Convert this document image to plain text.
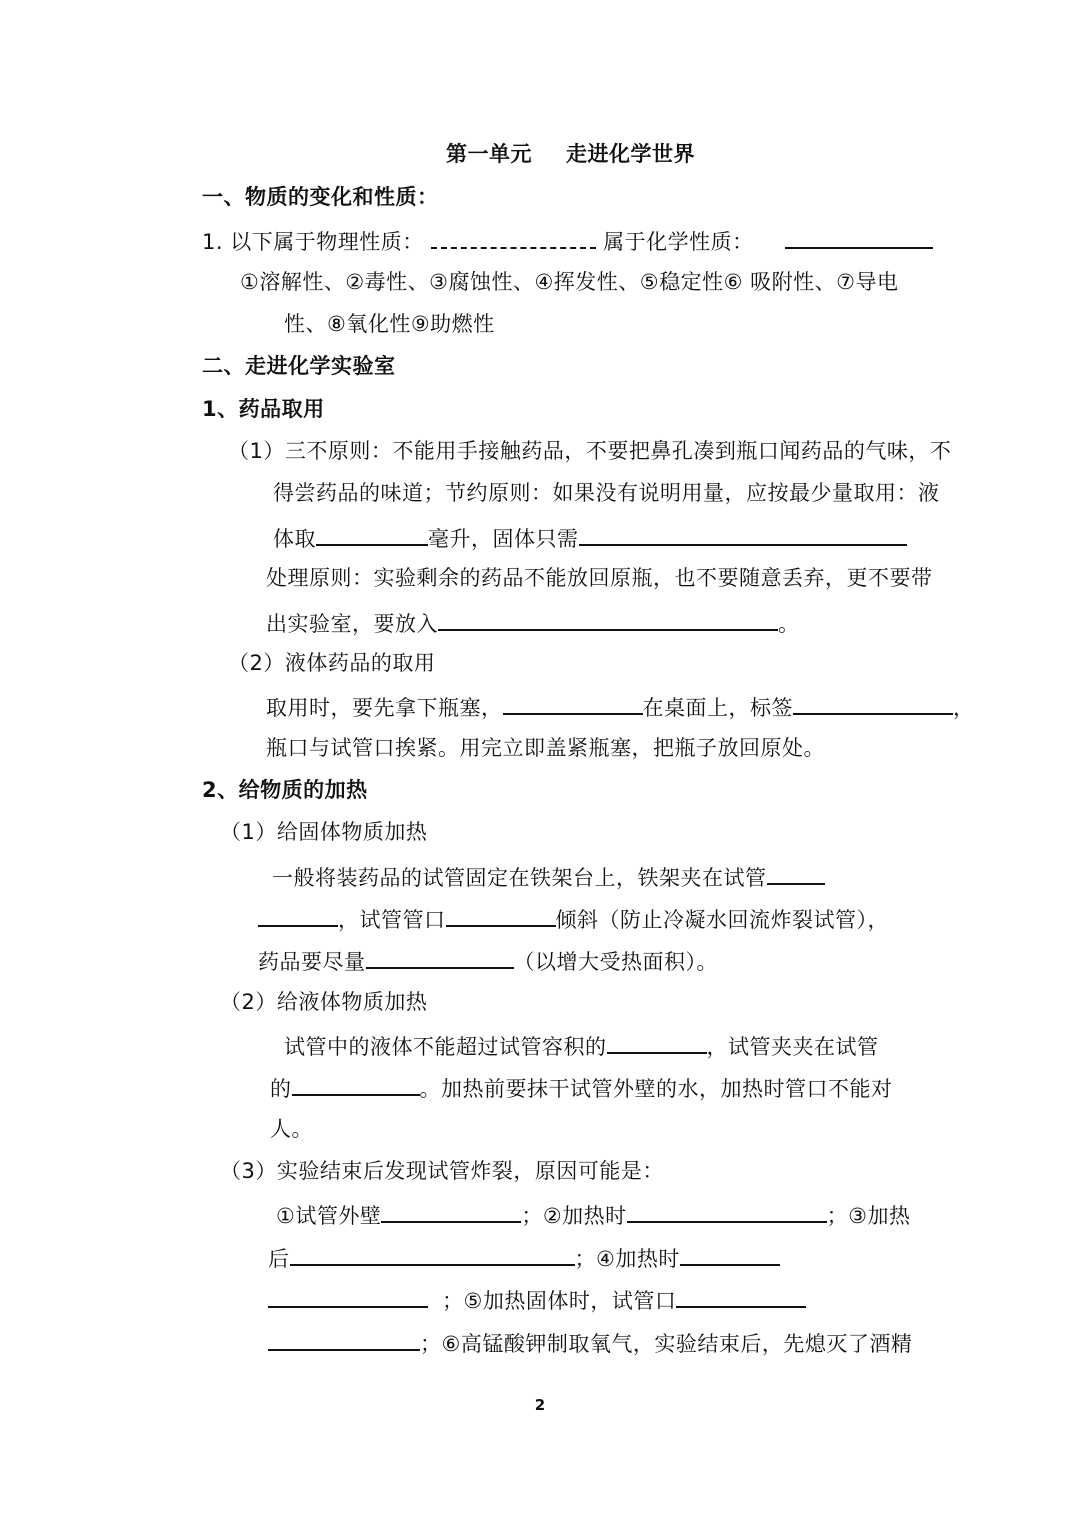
第一单元 走进化学世界
一、物质的变化和性质：
1. 以下属于物理性质：	属于化学性质：
①溶解性、②毒性、③腐蚀性、④挥发性、⑤稳定性⑥ 吸附性、⑦导电
性、⑧氧化性⑨助燃性
二、走进化学实验室
1、药品取用
（1）三不原则：不能用手接触药品，不要把鼻孔凑到瓶口闻药品的气味，不
得尝药品的味道；节约原则：如果没有说明用量，应按最少量取用：液
体取	毫升，固体只需
处理原则：实验剩余的药品不能放回原瓶，也不要随意丢弃，更不要带
出实验室，要放入	。
（2）液体药品的取用
取用时，要先拿下瓶塞，	在桌面上，标签	，
瓶口与试管口挨紧。用完立即盖紧瓶塞，把瓶子放回原处。
2、给物质的加热
（1）给固体物质加热
一般将装药品的试管固定在铁架台上，铁架夹在试管
，试管管口	倾斜（防止冷凝水回流炸裂试管），
药品要尽量	（以增大受热面积）。
（2）给液体物质加热
试管中的液体不能超过试管容积的	，试管夹夹在试管
的	。加热前要抹干试管外壁的水，加热时管口不能对
人。
（3）实验结束后发现试管炸裂，原因可能是：
①试管外壁	；②加热时	；③加热
后	；④加热时
；⑤加热固体时，试管口
；⑥高锰酸钾制取氧气，实验结束后，先熄灭了酒精
2
